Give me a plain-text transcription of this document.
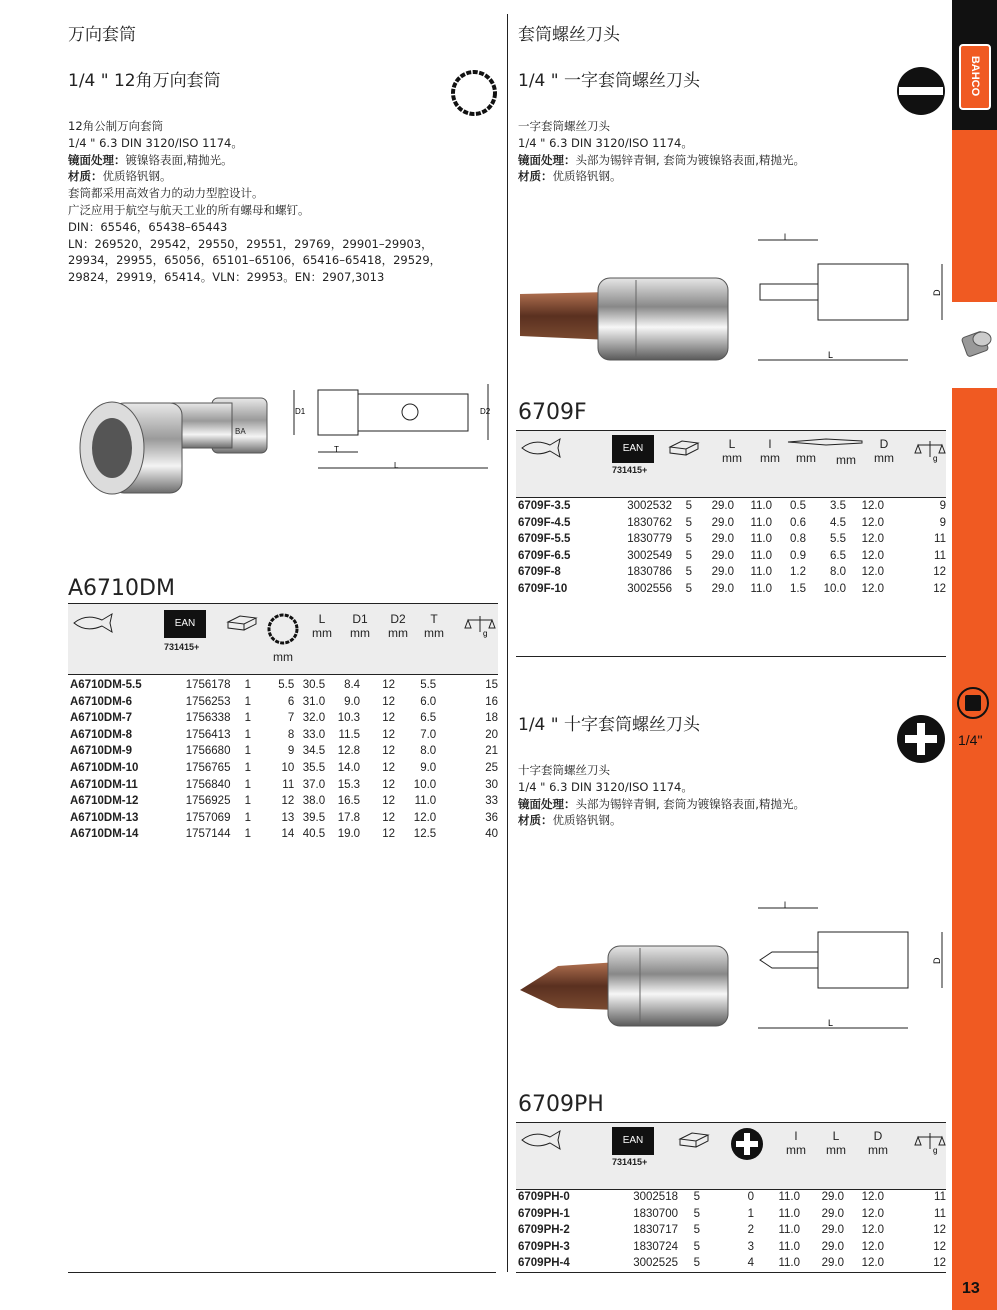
万向套筒
1/4 " 12角万向套筒
12角公制万向套筒
1/4 " 6.3 DIN 3120/ISO 1174。
镜面处理：镀镍铬表面,精抛光。
材质：优质铬钒钢。
套筒都采用高效省力的动力型腔设计。
广泛应用于航空与航天工业的所有螺母和螺钉。
DIN：65546，65438–65443
LN：269520，29542，29550，29551，29769，29901–29903，
29934，29955，65056，65101–65106，65416–65418，29529，
29824，29919，65414。VLN：29953。EN：2907,3013
BA
D1	D2
T
L
A6710DM
EAN
731415+
mm
L
mm
D1
mm
D2
mm
T
mm	g
A6710DM-5.5	1756178	1	5.5	30.5	8.4	12	5.5	15
A6710DM-6	1756253	1	6	31.0	9.0	12	6.0	16
A6710DM-7	1756338	1	7	32.0	10.3	12	6.5	18
A6710DM-8	1756413	1	8	33.0	11.5	12	7.0	20
A6710DM-9	1756680	1	9	34.5	12.8	12	8.0	21
A6710DM-10	1756765	1	10	35.5	14.0	12	9.0	25
A6710DM-11	1756840	1	11	37.0	15.3	12	10.0	30
A6710DM-12	1756925	1	12	38.0	16.5	12	11.0	33
A6710DM-13	1757069	1	13	39.5	17.8	12	12.0	36
A6710DM-14	1757144	1	14	40.5	19.0	12	12.5	40
套筒螺丝刀头
1/4 " 一字套筒螺丝刀头
一字套筒螺丝刀头
1/4 " 6.3 DIN 3120/ISO 1174。
镜面处理：头部为锡锌青铜, 套筒为镀镍铬表面,精抛光。
材质：优质铬钒钢。
l
D
L
6709F
EAN
731415+
L
mm
l
mm	mm	mm
D
mm	g
6709F-3.5	3002532	5	29.0	11.0	0.5	3.5	12.0	9
6709F-4.5	1830762	5	29.0	11.0	0.6	4.5	12.0	9
6709F-5.5	1830779	5	29.0	11.0	0.8	5.5	12.0	11
6709F-6.5	3002549	5	29.0	11.0	0.9	6.5	12.0	11
6709F-8	1830786	5	29.0	11.0	1.2	8.0	12.0	12
6709F-10	3002556	5	29.0	11.0	1.5	10.0	12.0	12
1/4 " 十字套筒螺丝刀头
十字套筒螺丝刀头
1/4 " 6.3 DIN 3120/ISO 1174。
镜面处理：头部为锡锌青铜, 套筒为镀镍铬表面,精抛光。
材质：优质铬钒钢。
l
D
L
6709PH
EAN
731415+
l
mm
L
mm
D
mm	g
6709PH-0	3002518	5	0	11.0	29.0	12.0	11
6709PH-1	1830700	5	1	11.0	29.0	12.0	11
6709PH-2	1830717	5	2	11.0	29.0	12.0	12
6709PH-3	1830724	5	3	11.0	29.0	12.0	12
6709PH-4	3002525	5	4	11.0	29.0	12.0	12
BAHCO
1/4"
13
